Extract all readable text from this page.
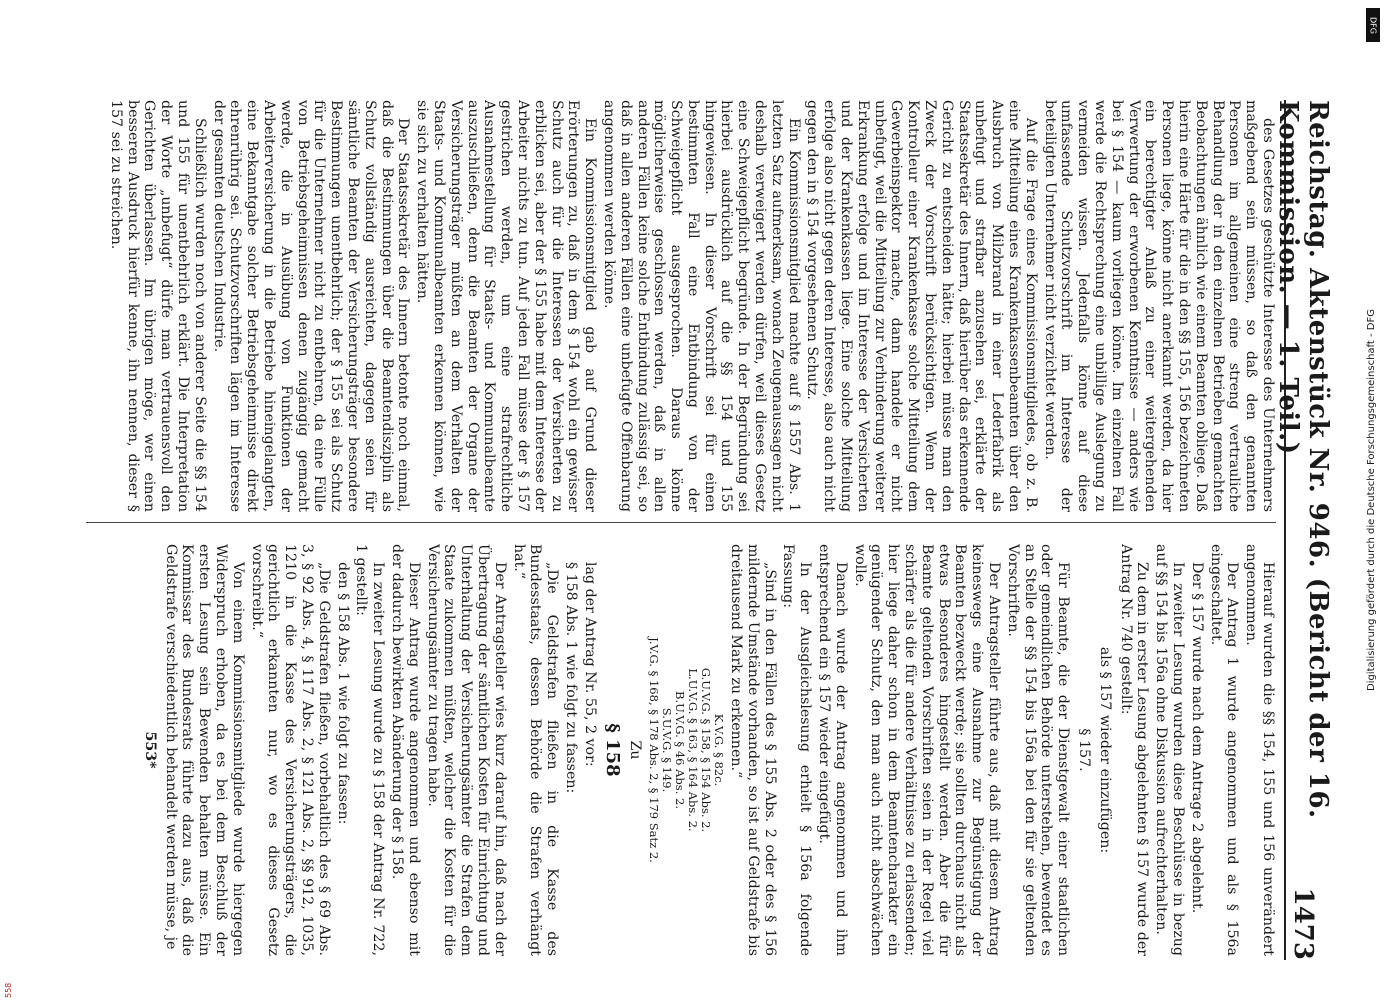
Reichstag. Aktenstück Nr. 946. (Bericht der 16. Kommission. — 1. Teil.)
1473

des Gesetzes geschützte Interesse des Unternehmers maßgebend sein müssen, so daß den genannten Personen im allgemeinen eine streng vertrauliche Behandlung der in den einzelnen Betrieben gemachten Beobachtungen ähnlich wie einem Beamten obliege. Daß hierin eine Härte für die in den §§ 155, 156 bezeichneten Personen liege, könne nicht anerkannt werden, da hier ein berechtigter Anlaß zu einer weitergehenden Verwertung der erworbenen Kenntnisse — anders wie bei § 154 — kaum vorliegen könne. Im einzelnen Fall werde die Rechtsprechung eine unbillige Auslegung zu vermeiden wissen. Jedenfalls könne auf diese umfassende Schutzvorschrift im Interesse der beteiligten Unternehmer nicht verzichtet werden.

Auf die Frage eines Kommissionsmitgliedes, ob z. B. eine Mitteilung eines Krankenkassenbeamten über den Ausbruch von Milzbrand in einer Lederfabrik als unbefugt und strafbar anzusehen sei, erklärte der Staatssekretär des Innern, daß hierüber das erkennende Gericht zu entscheiden hätte; hierbei müsse man den Zweck der Vorschrift berücksichtigen. Wenn der Kontrolleur einer Krankenkasse solche Mitteilung dem Gewerbeinspektor mache, dann handele er nicht unbefugt, weil die Mitteilung zur Verhinderung weiterer Erkrankung erfolge und im Interesse der Versicherten und der Krankenkassen liege. Eine solche Mitteilung erfolge also nicht gegen deren Interesse, also auch nicht gegen den in § 154 vorgesehenen Schutz.

Ein Kommissionsmitglied machte auf § 1557 Abs. 1 letzten Satz aufmerksam, wonach Zeugenaussagen nicht deshalb verweigert werden dürfen, weil dieses Gesetz eine Schweigepflicht begründe. In der Begründung sei hierbei ausdrücklich auf die §§ 154 und 155 hingewiesen. In dieser Vorschrift sei für einen bestimmten Fall eine Entbindung von der Schweigepflicht ausgesprochen. Daraus könne möglicherweise geschlossen werden, daß in allen anderen Fällen keine solche Entbindung zulässig sei, so daß in allen anderen Fällen eine unbefugte Offenbarung angenommen werden könne.

Ein Kommissionsmitglied gab auf Grund dieser Erörterungen zu, daß in dem § 154 wohl ein gewisser Schutz auch für die Interessen der Versicherten zu erblicken sei, aber der § 155 habe mit dem Interesse der Arbeiter nichts zu tun. Auf jeden Fall müsse der § 157 gestrichen werden, um eine strafrechtliche Ausnahmestellung für Staats- und Kommunalbeamte auszuschließen, denn die Beamten der Organe der Versicherungsträger müßten an dem Verhalten der Staats- und Kommunalbeamten erkennen können, wie sie sich zu verhalten hätten.

Der Staatssekretär des Innern betonte noch einmal, daß die Bestimmungen über die Beamtendisziplin als Schutz vollständig ausreichten, dagegen seien für sämtliche Beamten der Versicherungsträger besondere Bestimmungen unentbehrlich; der § 155 sei als Schutz für die Unternehmer nicht zu entbehren, da eine Fülle von Betriebsgeheimnissen denen zugängig gemacht werde, die in Ausübung von Funktionen der Arbeiterversicherung in die Betriebe hineingelangten, eine Bekanntgabe solcher Betriebsgeheimnisse direkt ehrenrührig sei. Schutzvorschriften lägen im Interesse der gesamten deutschen Industrie.

Schließlich wurden noch von anderer Seite die §§ 154 und 155 für unentbehrlich erklärt. Die Interpretation der Worte „unbefugt“ dürfe man vertrauensvoll den Gerichten überlassen. Im übrigen möge, wer einen besseren Ausdruck hierfür kenne, ihn nennen, dieser § 157 sei zu streichen.

Hierauf wurden die §§ 154, 155 und 156 unverändert angenommen.

Der Antrag 1 wurde angenommen und als § 156a eingeschaltet.

Der § 157 wurde nach dem Antrage 2 abgelehnt.

In zweiter Lesung wurden diese Beschlüsse in bezug auf §§ 154 bis 156a ohne Diskussion aufrechterhalten.

Zu dem in erster Lesung abgelehnten § 157 wurde der Antrag Nr. 740 gestellt:

als § 157 wieder einzufügen:

§ 157.

Für Beamte, die der Dienstgewalt einer staatlichen oder gemeindlichen Behörde unterstehen, bewendet es an Stelle der §§ 154 bis 156a bei den für sie geltenden Vorschriften.

Der Antragsteller führte aus, daß mit diesem Antrag keineswegs eine Ausnahme zur Begünstigung der Beamten bezweckt werde; sie sollten durchaus nicht als etwas Besonderes hingestellt werden. Aber die für Beamte geltenden Vorschriften seien in der Regel viel schärfer als die für andere Verhältnisse zu erlassenden; hier liege daher schon in dem Beamtencharakter ein genügender Schutz, den man auch nicht abschwächen wolle.

Danach wurde der Antrag angenommen und ihm entsprechend ein § 157 wieder eingefügt.

In der Ausgleichslesung erhielt § 156a folgende Fassung:

„Sind in den Fällen des § 155 Abs. 2 oder des § 156 mildernde Umstände vorhanden, so ist auf Geldstrafe bis dreitausend Mark zu erkennen.“

K.V.G. § 82c.

G.U.V.G. § 158, § 154 Abs. 2.

L.U.V.G. § 163, § 164 Abs. 2.

B.U.V.G. § 46 Abs. 2.

S.U.V.G. § 149.

J.V.G. § 168, § 178 Abs. 2, § 179 Satz 2.

Zu

§ 158

lag der Antrag Nr. 55, 2 vor:

§ 158 Abs. 1 wie folgt zu fassen:

„Die Geldstrafen fließen in die Kasse des Bundesstaats, dessen Behörde die Strafen verhängt hat.“

Der Antragsteller wies kurz darauf hin, daß nach der Übertragung der sämtlichen Kosten für Einrichtung und Unterhaltung der Versicherungsämter die Strafen dem Staate zukommen müßten, welcher die Kosten für die Versicherungsämter zu tragen habe.

Dieser Antrag wurde angenommen und ebenso mit der dadurch bewirkten Abänderung der § 158.

In zweiter Lesung wurde zu § 158 der Antrag Nr. 722, 1 gestellt:

den § 158 Abs. 1 wie folgt zu fassen:

„Die Geldstrafen fließen, vorbehaltlich des § 69 Abs. 3, § 92 Abs. 4, § 117 Abs. 2, § 121 Abs. 2, §§ 912, 1035, 1210 in die Kasse des Versicherungsträgers, die gerichtlich erkannten nur, wo es dieses Gesetz vorschreibt.“

Von einem Kommissionsmitgliede wurde hiergegen Widerspruch erhoben, da es bei dem Beschluß der ersten Lesung sein Bewenden behalten müsse. Ein Kommissar des Bundesrats führte dazu aus, daß die Geldstrafe verschiedentlich behandelt werden müsse, je

553*

Digitalisierung gefördert durch die Deutsche Forschungsgemeinschaft - DFG
DFG
558
